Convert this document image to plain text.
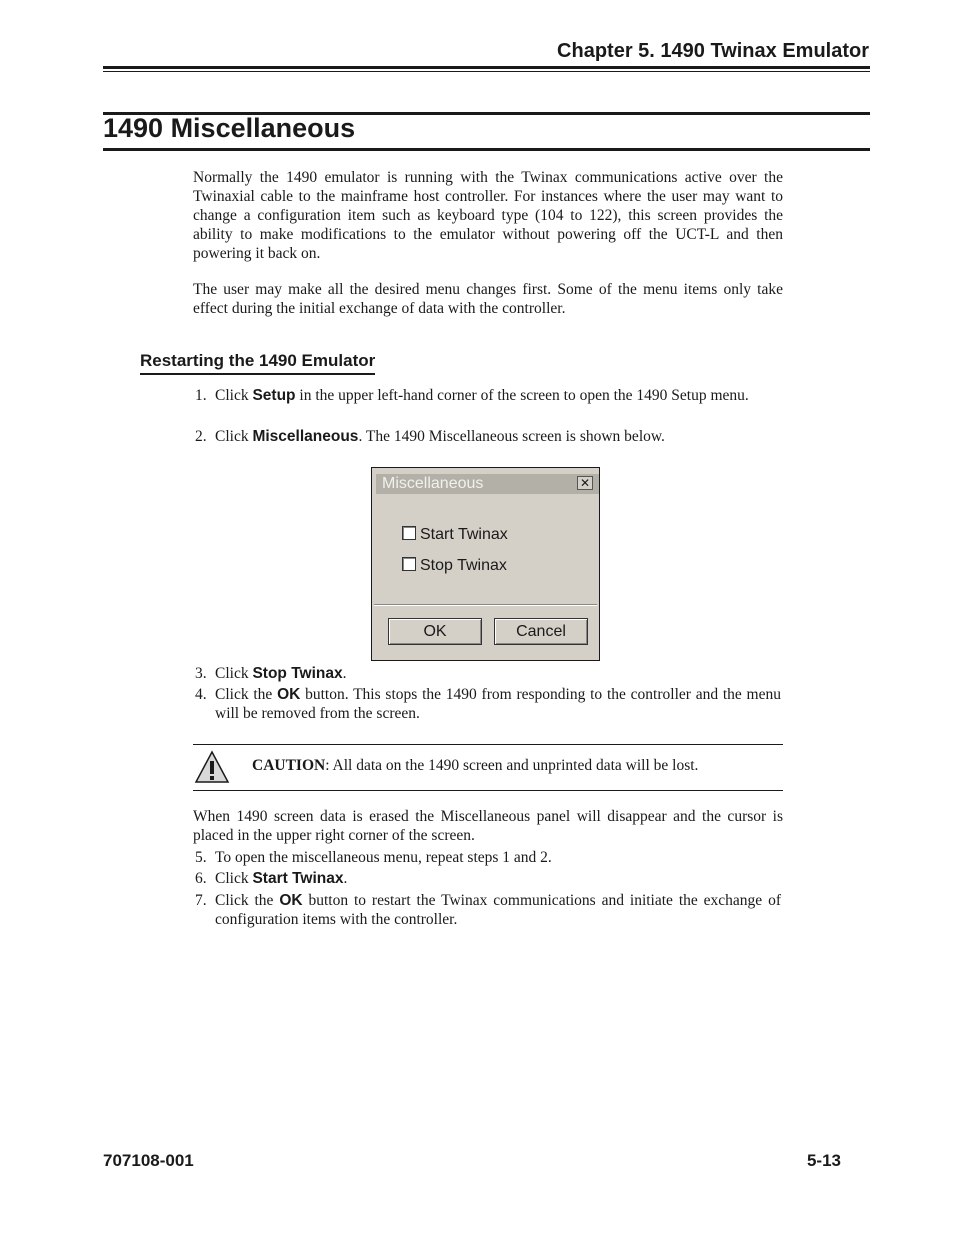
Chapter 5. 1490 Twinax Emulator
1490 Miscellaneous
Normally the 1490 emulator is running with the Twinax communications active over the Twinaxial cable to the mainframe host controller. For instances where the user may want to change a configuration item such as keyboard type (104 to 122), this screen provides the ability to make modifications to the emulator without powering off the UCT-L and then powering it back on.
The user may make all the desired menu changes first. Some of the menu items only take effect during the initial exchange of data with the controller.
Restarting the 1490 Emulator
1. Click Setup in the upper left-hand corner of the screen to open the 1490 Setup menu.
2. Click Miscellaneous. The 1490 Miscellaneous screen is shown below.
Miscellaneous	✕
Start Twinax
Stop Twinax
OK	Cancel
3. Click Stop Twinax.
4. Click the OK button. This stops the 1490 from responding to the controller and the menu will be removed from the screen.
CAUTION: All data on the 1490 screen and unprinted data will be lost.
When 1490 screen data is erased the Miscellaneous panel will disappear and the cursor is placed in the upper right corner of the screen.
5. To open the miscellaneous menu, repeat steps 1 and 2.
6. Click Start Twinax.
7. Click the OK button to restart the Twinax communications and initiate the exchange of configuration items with the controller.
707108-001	5-13
